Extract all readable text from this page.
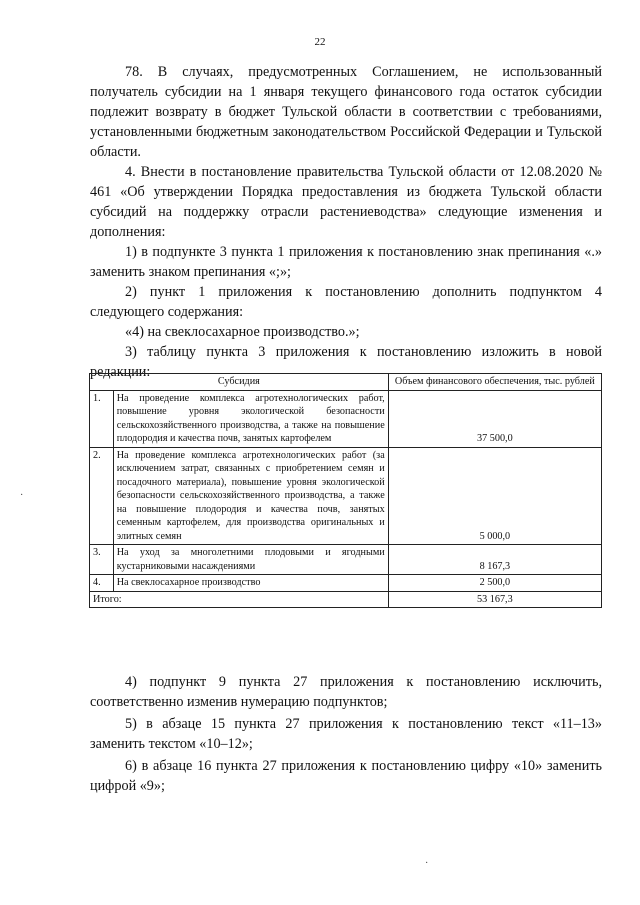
22

78. В случаях, предусмотренных Соглашением, не использованный получатель субсидии на 1 января текущего финансового года остаток субсидии подлежит возврату в бюджет Тульской области в соответствии с требованиями, установленными бюджетным законодательством Российской Федерации и Тульской области.

4. Внести в постановление правительства Тульской области от 12.08.2020 № 461 «Об утверждении Порядка предоставления из бюджета Тульской области субсидий на поддержку отрасли растениеводства» следующие изменения и дополнения:

1) в подпункте 3 пункта 1 приложения к постановлению знак препинания «.» заменить знаком препинания «;»;

2) пункт 1 приложения к постановлению дополнить подпунктом 4 следующего содержания:

«4) на свеклосахарное производство.»;

3) таблицу пункта 3 приложения к постановлению изложить в новой редакции:

Субсидия		Объем финансового обеспечения, тыс. рублей
1.	На проведение комплекса агротехнологических работ, повышение уровня экологической безопасности сельскохозяйственного производства, а также на повышение плодородия и качества почв, занятых картофелем	37 500,0
2.	На проведение комплекса агротехнологических работ (за исключением затрат, связанных с приобретением семян и посадочного материала), повышение уровня экологической безопасности сельскохозяйственного производства, а также на повышение плодородия и качества почв, занятых семенным картофелем, для производства оригинальных и элитных семян	5 000,0
3.	На уход за многолетними плодовыми и ягодными кустарниковыми насаждениями	8 167,3
4.	На свеклосахарное производство	2 500,0
Итого:		53 167,3

4) подпункт 9 пункта 27 приложения к постановлению исключить, соответственно изменив нумерацию подпунктов;

5) в абзаце 15 пункта 27 приложения к постановлению текст «11–13» заменить текстом «10–12»;

6) в абзаце 16 пункта 27 приложения к постановлению цифру «10» заменить цифрой «9»;

·
·
